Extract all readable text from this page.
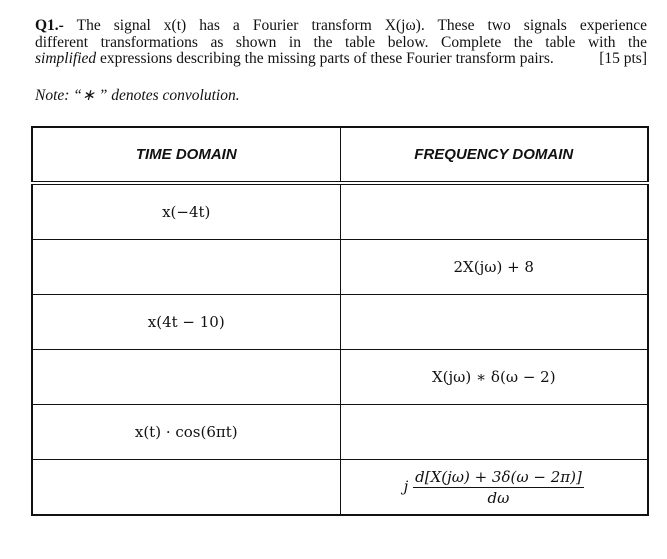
Q1.- The signal x(t) has a Fourier transform X(jω). These two signals experience
different transformations as shown in the table below. Complete the table with the
simplified expressions describing the missing parts of these Fourier transform pairs.	[15 pts]
Note: “∗ ” denotes convolution.
TIME DOMAIN	FREQUENCY DOMAIN
x(−4t)	
	2X(jω) + 8
x(4t − 10)	
	X(jω) ∗ δ(ω − 2)
x(t) · cos(6πt)	
	j $\frac{d[X(j\omega) + 3\delta(\omega - 2\pi)]}{d\omega}$
